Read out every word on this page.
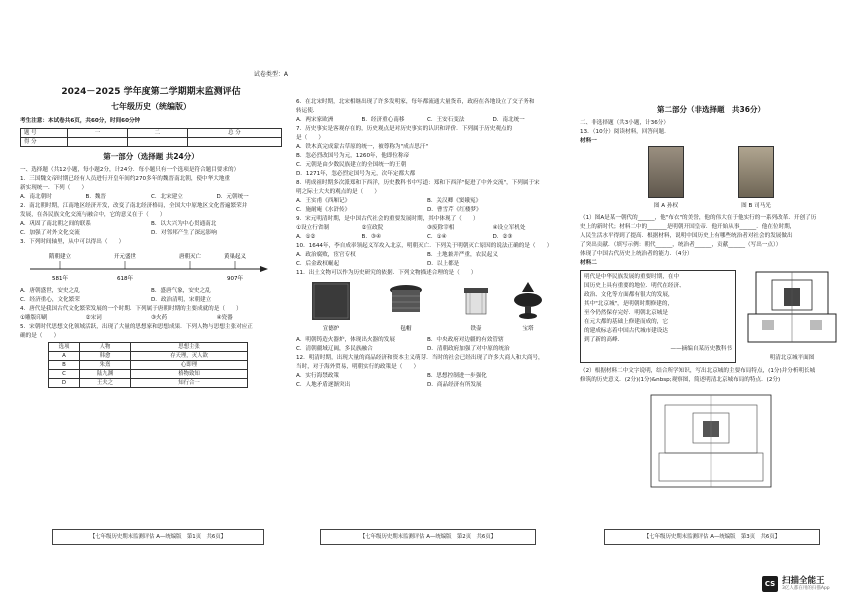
试卷类型：A
2024－2025 学年度第二学期期末监测评估
七年级历史（统编版）
考生注意：本试卷共6页，共60分，时间60分钟
题 号	一	二	总 分
得 分			
第一部分（选择题 共24分）
一、选择题（共12小题，每小题2分，计24分．每小题只有一个选项是符合题目要求的）
1．三国魏文帝时期已经有人员进行开皇年间约270多年的魏晋南北朝，使中华大地重
新实现统一．下列（　　）
A．南北朝时	B．魏晋	C．北宋建立	D．元朝统一
2．南北朝时期，江南地区经济开发，改变了南北经济格局，全国大中原地区文化普遍繁荣并
发展，在各民族文化交流与融合中，它的意义在于（　　）
A．巩固了南北朝之间的联系	B．以大兴为中心贯通南北
C．加强了对外文化交流	D．对邻邦产生了深远影响
3．下列时间轴里，从中可以得出（　　）
隋朝建立	开元盛世	唐朝灭亡	黄巢起义
581年	618年	907年
A．唐朝盛世，安史之乱	B．盛唐气象，安史之乱
C．经济重心，文化繁荣	D．政治清明，宋朝建立
4．唐代是我国古代文化繁荣发展的一个时期．下列属于唐朝时期的主要成就的是（　　）
①雕版印刷	②宋词	③火药	④瓷器
5．宋朝时代思想文化领域活跃，出现了大量的思想家和思想成果．下列人物与思想主张对应正
确的是（　　）
选项	人物	思想主张
A	韩愈	存天理，灭人欲
B	朱熹	心即理
C	陆九渊	格物致知
D	王夫之	知行合一
6．在北宋时期，北宋相继出现了许多发明家，每年都流通大量货币，政府在各地设立了交子务和
转运使．
A．两宋家欧洲	B．经济重心南移	C．王安石变法	D．南北统一
7．历史事实是客观存在的，历史观点是对历史事实的认识和评价．下列属于历史观点的
是（　　）
A．铁木真完成蒙古草原的统一，被尊称为"成吉思汗"
B．忽必烈改国号为元，1260年，他即位称帝
C．元朝是由少数民族建立的全国统一的王朝
D．1271年，忽必烈定国号为元，次年定都大都
8．明成祖时期多次派郑和下西洋，历史教科书中写道：郑和下西洋"促进了中外交流"，下列属于宋
明之际士大夫的观点的是（　　）
A．王实甫《西厢记》	B．关汉卿《窦娥冤》
C．施耐庵《水浒传》	D．曹雪芹《红楼梦》
9．宋元明清时期，是中国古代社会的重要发展时期，其中体现了（　　）
①设立行省制	②宣政院	③废除宰相	④设立军机处
A．①②	B．③④	C．①④	D．②③
10．1644年，李自成率领起义军攻入北京，明朝灭亡．下列关于明朝灭亡原因的说法正确的是（　　）
A．政治腐败，宦官专权	B．土地兼并严重，农民起义
C．后金政权崛起	D．以上都是
11．出土文物可以作为历史研究的依据．下列文物描述合理的是（　　）
宣德炉	毡帽	铁壶	宝塔
A．明朝铸造火器炉，体现出火器的发展	B．中央政府对边疆的有效管辖
C．清朝疆域辽阔，多民族融合	D．清朝政府加强了对中原的统治
12．明清时期，出现大量的商品经济和资本主义萌芽．当时的社会已经出现了许多大商人和大商号，
当时，对于海外贸易，明朝实行的政策是（　　）
A．实行海禁政策	B．思想控制进一步强化
C．人地矛盾逐渐突出	D．商品经济有所发展
第二部分（非选择题　共36分）
二、非选择题（共3小题，计36分）
13．（10分）阅读材料，回答问题．
材料一
图 A 孙权	图 B 司马光
（1）图A是某一朝代的______，他"布衣"的美誉，他的伟大在于他实行的一系列改革．开创了历
史上的新时代；材料二中的_______是明朝开国皇帝．他开始从事______．他在位时期，
人民生活水平得到了提高．根据材料，说明中国历史上有哪些统治者对社会的发展做出
了突出贡献．（填写示例：朝代______，统治者______，贡献______（写出一点））
体现了中国古代历史上统治者的能力．（4分）
材料二
明代是中华民族发展的重要时期，在中
国历史上具有重要的地位．明代在经济、
政治、文化等方面都有很大的发展，
其中"北京城"，是明朝时期修建的，
至今仍然保存完好．明朝北京城是
在元大都的基础上修建而成的，它
的建成标志着中国古代城市建设达
到了新的高峰．
——摘编自某历史教科书
明清北京城平面图
（2）根据材料二中文字说明，结合所学知识，写出北京城的主要布局特点，(1分)并分析明长城
修筑的历史意义．(2分)(1分)&nbsp;观察图，简述明清北京城布局的特点．(2分)
【七年级历史期末监测评估 A—统编版　第1页　共6页】	【七年级历史期末监测评估 A—统编版　第2页　共6页】	【七年级历史期末监测评估 A—统编版　第3页　共6页】
CS 扫描全能王
3亿人都在用的扫描App
